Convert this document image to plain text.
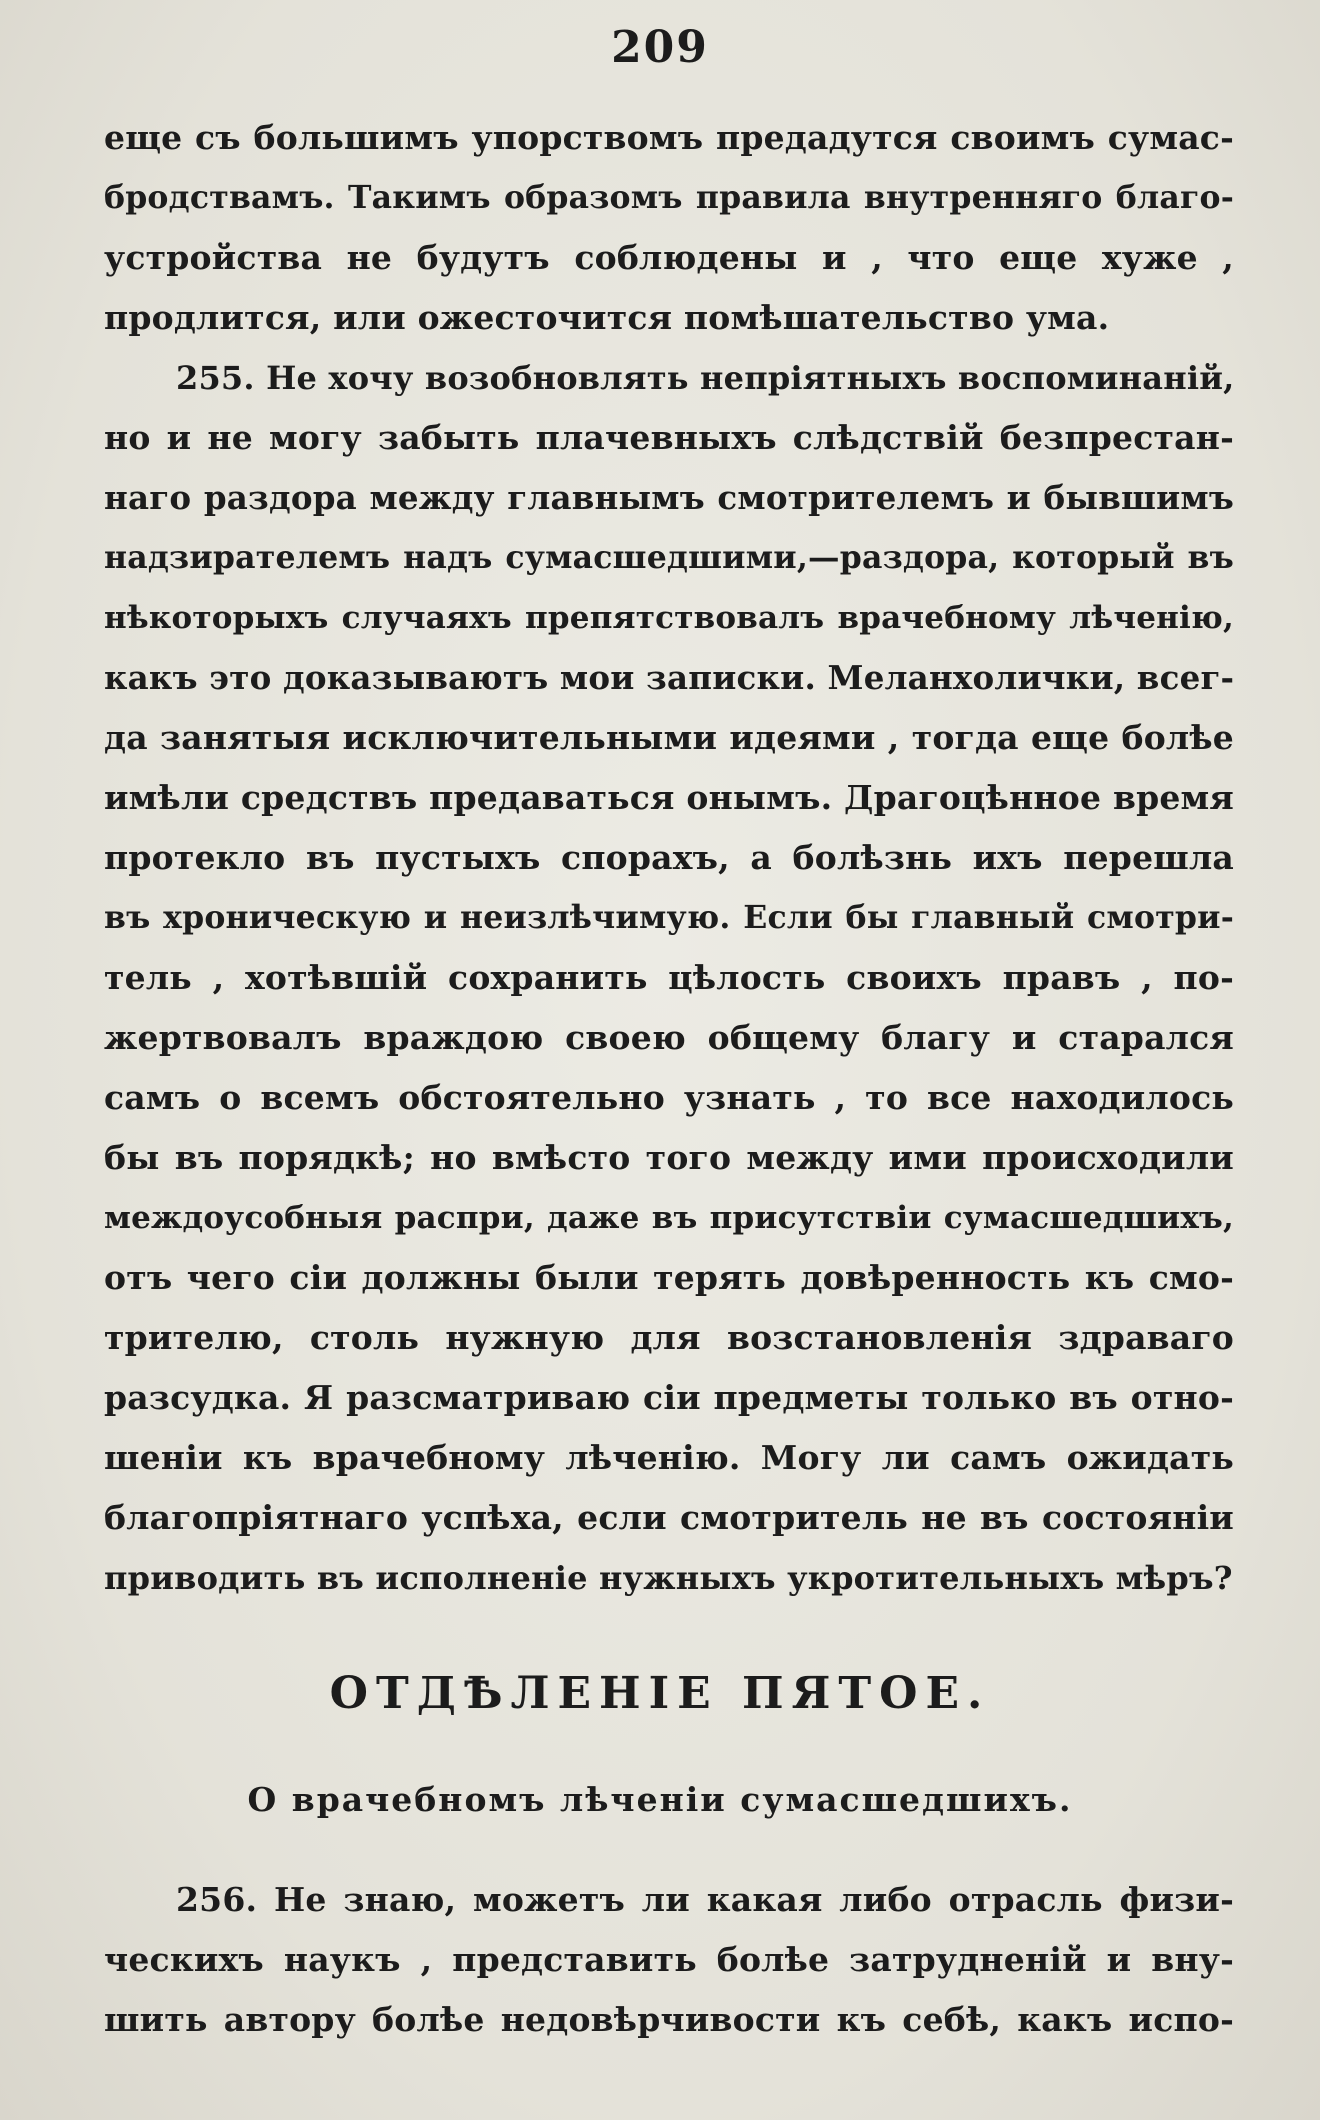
209
еще съ большимъ упорствомъ предадутся своимъ сумас-
бродствамъ. Такимъ образомъ правила внутренняго благо-
устройства не будутъ соблюдены и , что еще хуже ,
продлится, или ожесточится помѣшательство ума.
255. Не хочу возобновлять непріятныхъ воспоминаній,
но и не могу забыть плачевныхъ слѣдствій безпрестан-
наго раздора между главнымъ смотрителемъ и бывшимъ
надзирателемъ надъ сумасшедшими,—раздора, который въ
нѣкоторыхъ случаяхъ препятствовалъ врачебному лѣченію,
какъ это доказываютъ мои записки. Меланхолички, всег-
да занятыя исключительными идеями , тогда еще болѣе
имѣли средствъ предаваться онымъ. Драгоцѣнное время
протекло въ пустыхъ спорахъ, а болѣзнь ихъ перешла
въ хроническую и неизлѣчимую. Если бы главный смотри-
тель , хотѣвшій сохранить цѣлость своихъ правъ , по-
жертвовалъ враждою своею общему благу и старался
самъ о всемъ обстоятельно узнать , то все находилось
бы въ порядкѣ; но вмѣсто того между ими происходили
междоусобныя распри, даже въ присутствіи сумасшедшихъ,
отъ чего сіи должны были терять довѣренность къ смо-
трителю, столь нужную для возстановленія здраваго
разсудка. Я разсматриваю сіи предметы только въ отно-
шеніи къ врачебному лѣченію. Могу ли самъ ожидать
благопріятнаго успѣха, если смотритель не въ состояніи
приводить въ исполненіе нужныхъ укротительныхъ мѣръ?
ОТДѢЛЕНІЕ ПЯТОЕ.
О врачебномъ лѣченіи сумасшедшихъ.
256. Не знаю, можетъ ли какая либо отрасль физи-
ческихъ наукъ , представить болѣе затрудненій и вну-
шить автору болѣе недовѣрчивости къ себѣ, какъ испо-
